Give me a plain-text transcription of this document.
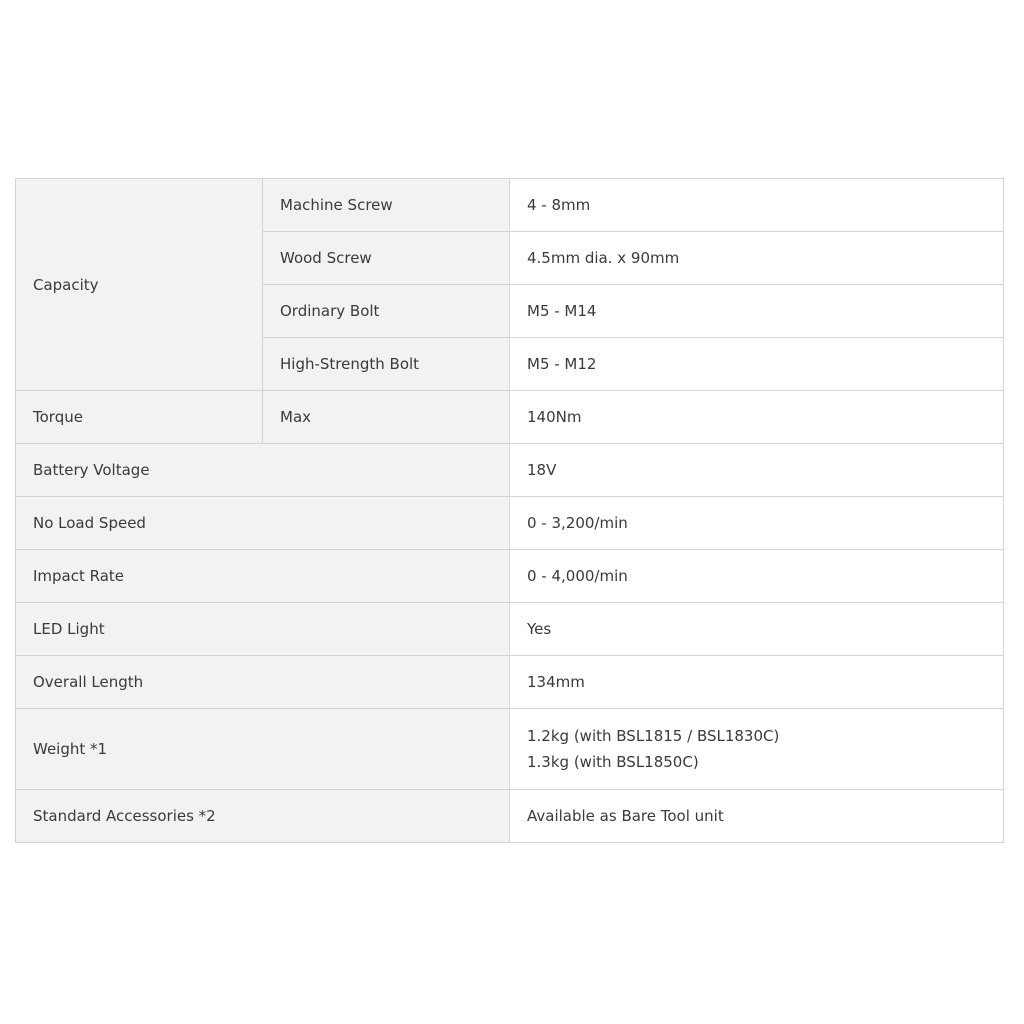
Capacity	Machine Screw	4 - 8mm
	Wood Screw	4.5mm dia. x 90mm
	Ordinary Bolt	M5 - M14
	High-Strength Bolt	M5 - M12
Torque	Max	140Nm
Battery Voltage		18V
No Load Speed		0 - 3,200/min
Impact Rate		0 - 4,000/min
LED Light		Yes
Overall Length		134mm
Weight *1		1.2kg (with BSL1815 / BSL1830C)
1.3kg (with BSL1850C)

Standard Accessories *2		Available as Bare Tool unit
